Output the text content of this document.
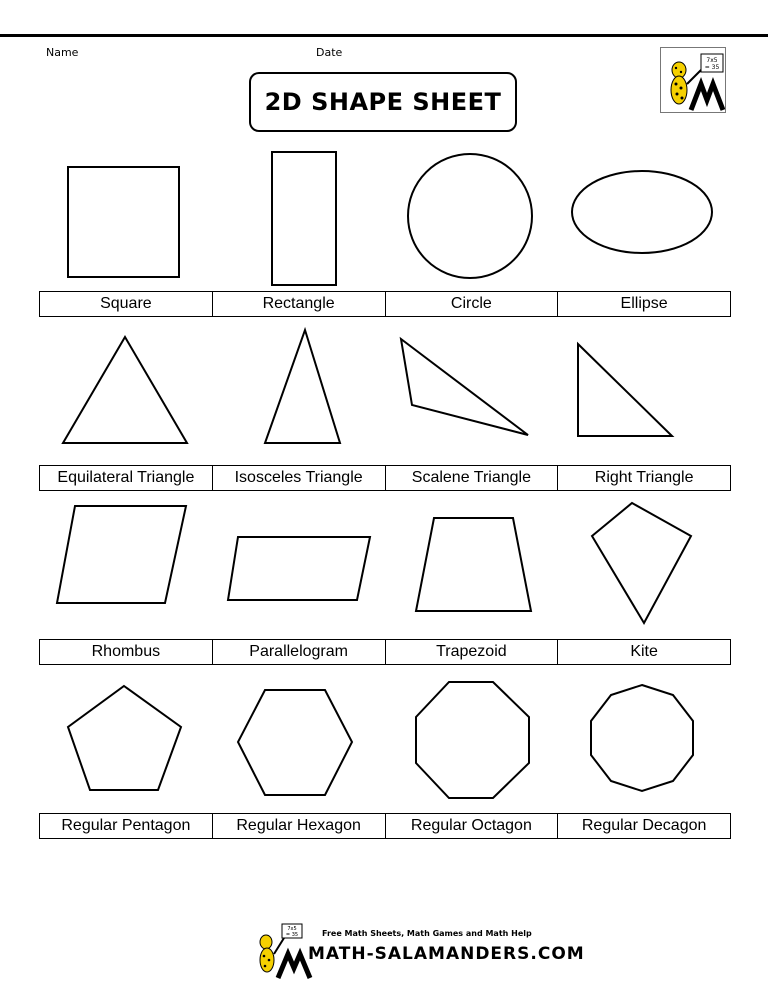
Name	Date
2D SHAPE SHEET
7x5
= 35
Square	Rectangle	Circle	Ellipse
Equilateral Triangle	Isosceles Triangle	Scalene Triangle	Right Triangle
Rhombus	Parallelogram	Trapezoid	Kite
Regular Pentagon	Regular Hexagon	Regular Octagon	Regular Decagon
7x5
= 35	Free Math Sheets, Math Games and Math Help
MATH-SALAMANDERS.COM
